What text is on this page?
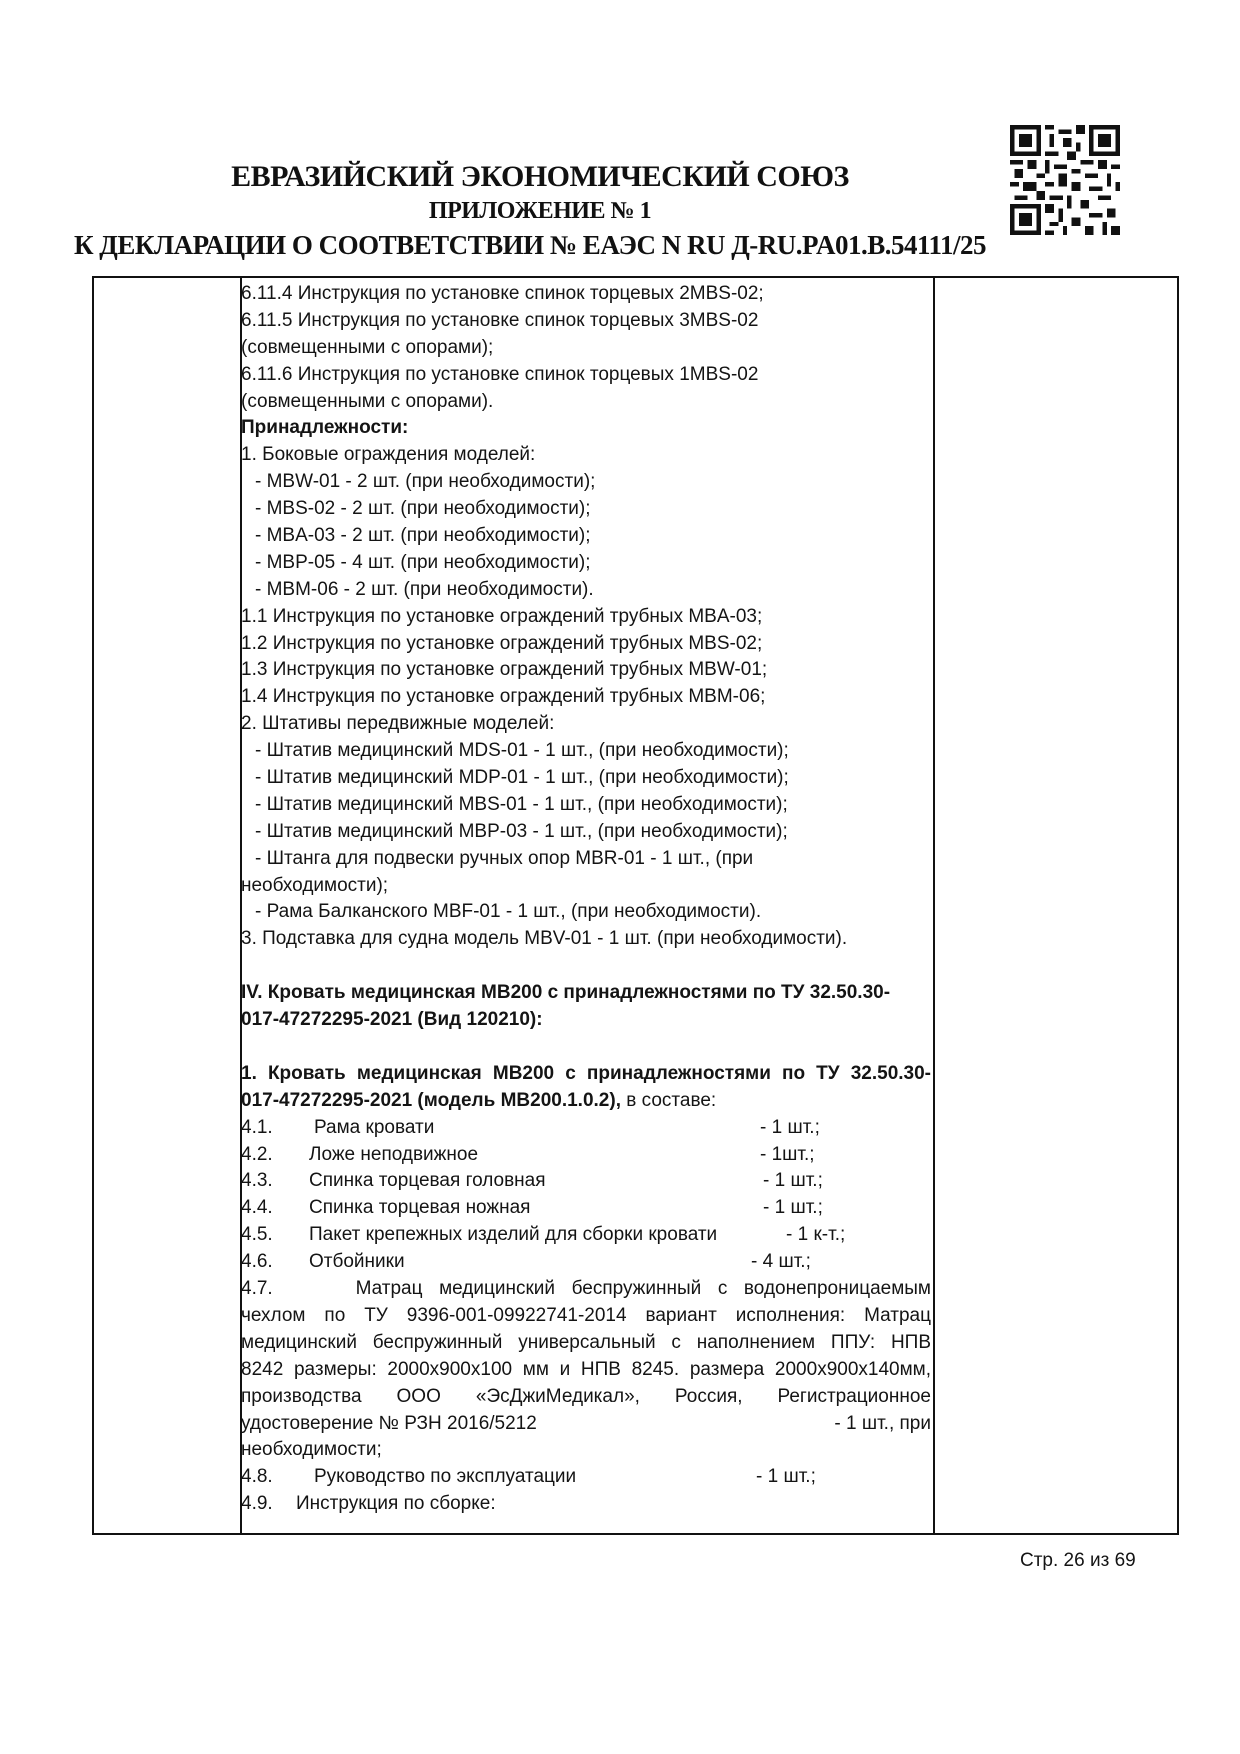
ЕВРАЗИЙСКИЙ ЭКОНОМИЧЕСКИЙ СОЮЗ
ПРИЛОЖЕНИЕ № 1
К ДЕКЛАРАЦИИ О СООТВЕТСТВИИ № ЕАЭС N RU Д-RU.PA01.B.54111/25
6.11.4 Инструкция по установке спинок торцевых 2MBS-02;
6.11.5 Инструкция по установке спинок торцевых 3MBS-02
(совмещенными с опорами);
6.11.6 Инструкция по установке спинок торцевых 1MBS-02
(совмещенными с опорами).
Принадлежности:
1. Боковые ограждения моделей:
- MBW-01 - 2 шт. (при необходимости);
- MBS-02 - 2 шт. (при необходимости);
- MBA-03 - 2 шт. (при необходимости);
- MBP-05 - 4 шт. (при необходимости);
- MBM-06 - 2 шт. (при необходимости).
1.1 Инструкция по установке ограждений трубных MBA-03;
1.2 Инструкция по установке ограждений трубных MBS-02;
1.3 Инструкция по установке ограждений трубных MBW-01;
1.4 Инструкция по установке ограждений трубных MBM-06;
2. Штативы передвижные моделей:
- Штатив медицинский MDS-01 - 1 шт., (при необходимости);
- Штатив медицинский MDP-01 - 1 шт., (при необходимости);
- Штатив медицинский MBS-01 - 1 шт., (при необходимости);
- Штатив медицинский MBP-03 - 1 шт., (при необходимости);
- Штанга для подвески ручных опор MBR-01 - 1 шт., (при
необходимости);
- Рама Балканского MBF-01 - 1 шт., (при необходимости).
3. Подставка для судна модель MBV-01 - 1 шт. (при необходимости).
IV. Кровать медицинская MB200 с принадлежностями по ТУ 32.50.30-
017-47272295-2021 (Вид 120210):
1. Кровать медицинская МВ200 с принадлежностями по ТУ 32.50.30-
017-47272295-2021 (модель МВ200.1.0.2), в составе:
4.1.	Рама кровати	- 1 шт.;
4.2.	Ложе неподвижное	- 1шт.;
4.3.	Спинка торцевая головная	- 1 шт.;
4.4.	Спинка торцевая ножная	- 1 шт.;
4.5.	Пакет крепежных изделий для сборки кровати	- 1 к-т.;
4.6.	Отбойники	- 4 шт.;
4.7.     Матрац медицинский беспружинный с водонепроницаемым
чехлом по ТУ 9396-001-09922741-2014 вариант исполнения: Матрац
медицинский беспружинный универсальный с наполнением ППУ: НПВ
8242 размеры: 2000х900х100 мм и НПВ 8245. размера 2000х900х140мм,
производства ООО «ЭсДжиМедикал», Россия, Регистрационное
удостоверение № РЗН 2016/5212	- 1 шт., при
необходимости;
4.8.	Руководство по эксплуатации	- 1 шт.;
4.9.	Инструкция по сборке:
Стр. 26 из 69
